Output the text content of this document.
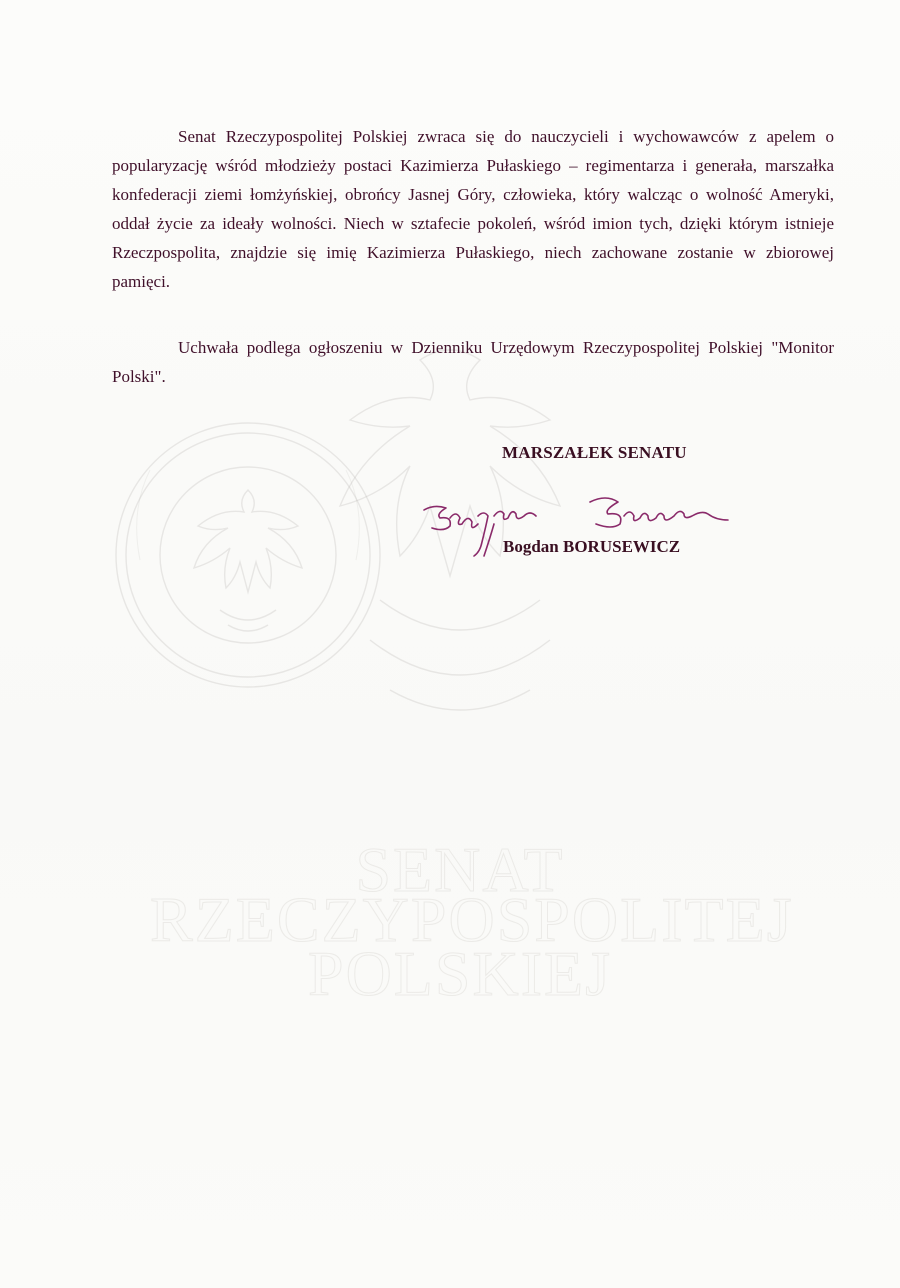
SENAT
RZECZYPOSPOLITEJ
POLSKIEJ

Senat Rzeczypospolitej Polskiej zwraca się do nauczycieli i wychowawców z apelem o popularyzację wśród młodzieży postaci Kazimierza Pułaskiego – regimentarza i generała, marszałka konfederacji ziemi łomżyńskiej, obrońcy Jasnej Góry, człowieka, który walcząc o wolność Ameryki, oddał życie za ideały wolności. Niech w sztafecie pokoleń, wśród imion tych, dzięki którym istnieje Rzeczpospolita, znajdzie się imię Kazimierza Pułaskiego, niech zachowane zostanie w zbiorowej pamięci.

Uchwała podlega ogłoszeniu w Dzienniku Urzędowym Rzeczypospolitej Polskiej "Monitor Polski".

MARSZAŁEK SENATU
Bogdan BORUSEWICZ
